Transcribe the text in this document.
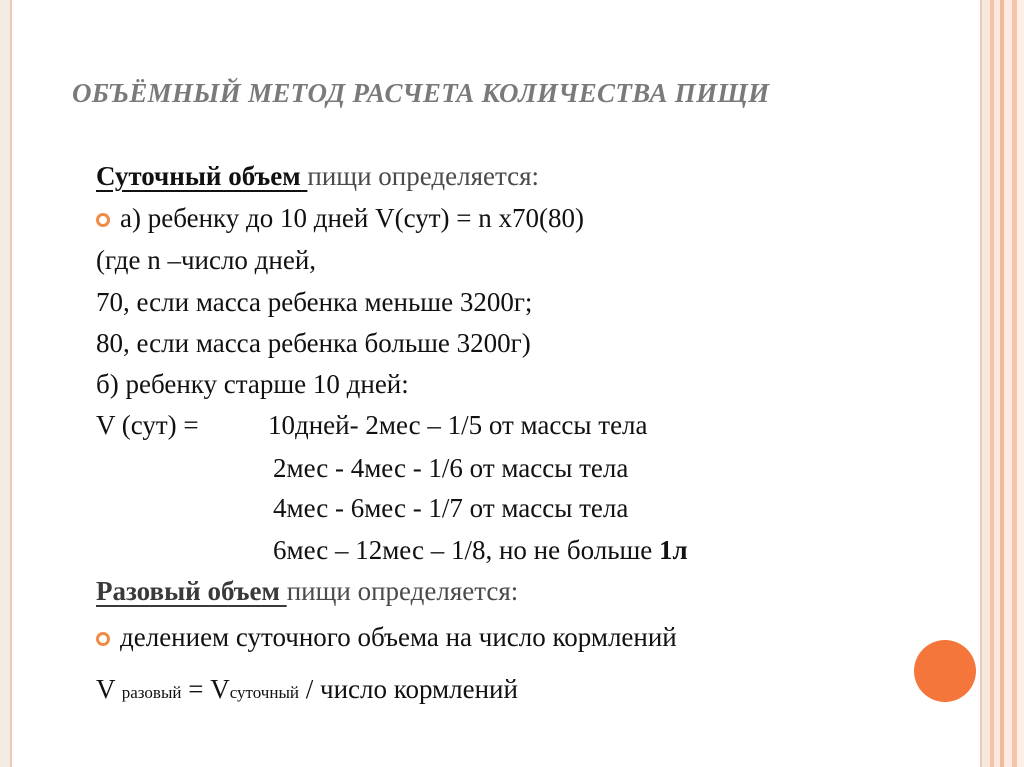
ОБЪЁМНЫЙ МЕТОД РАСЧЕТА КОЛИЧЕСТВА ПИЩИ
Суточный объем пищи определяется:
а) ребенку до 10 дней V(сут) = n х70(80)
(где n –число дней,
70, если масса ребенка меньше 3200г;
80, если масса ребенка больше 3200г)
б) ребенку старше 10 дней:
V (сут) =	10дней- 2мес – 1/5 от массы тела
2мес - 4мес - 1/6 от массы тела
4мес - 6мес - 1/7 от массы тела
6мес – 12мес – 1/8, но не больше 1л
Разовый объем пищи определяется:
делением суточного объема на число кормлений
V разовый = Vсуточный / число кормлений
